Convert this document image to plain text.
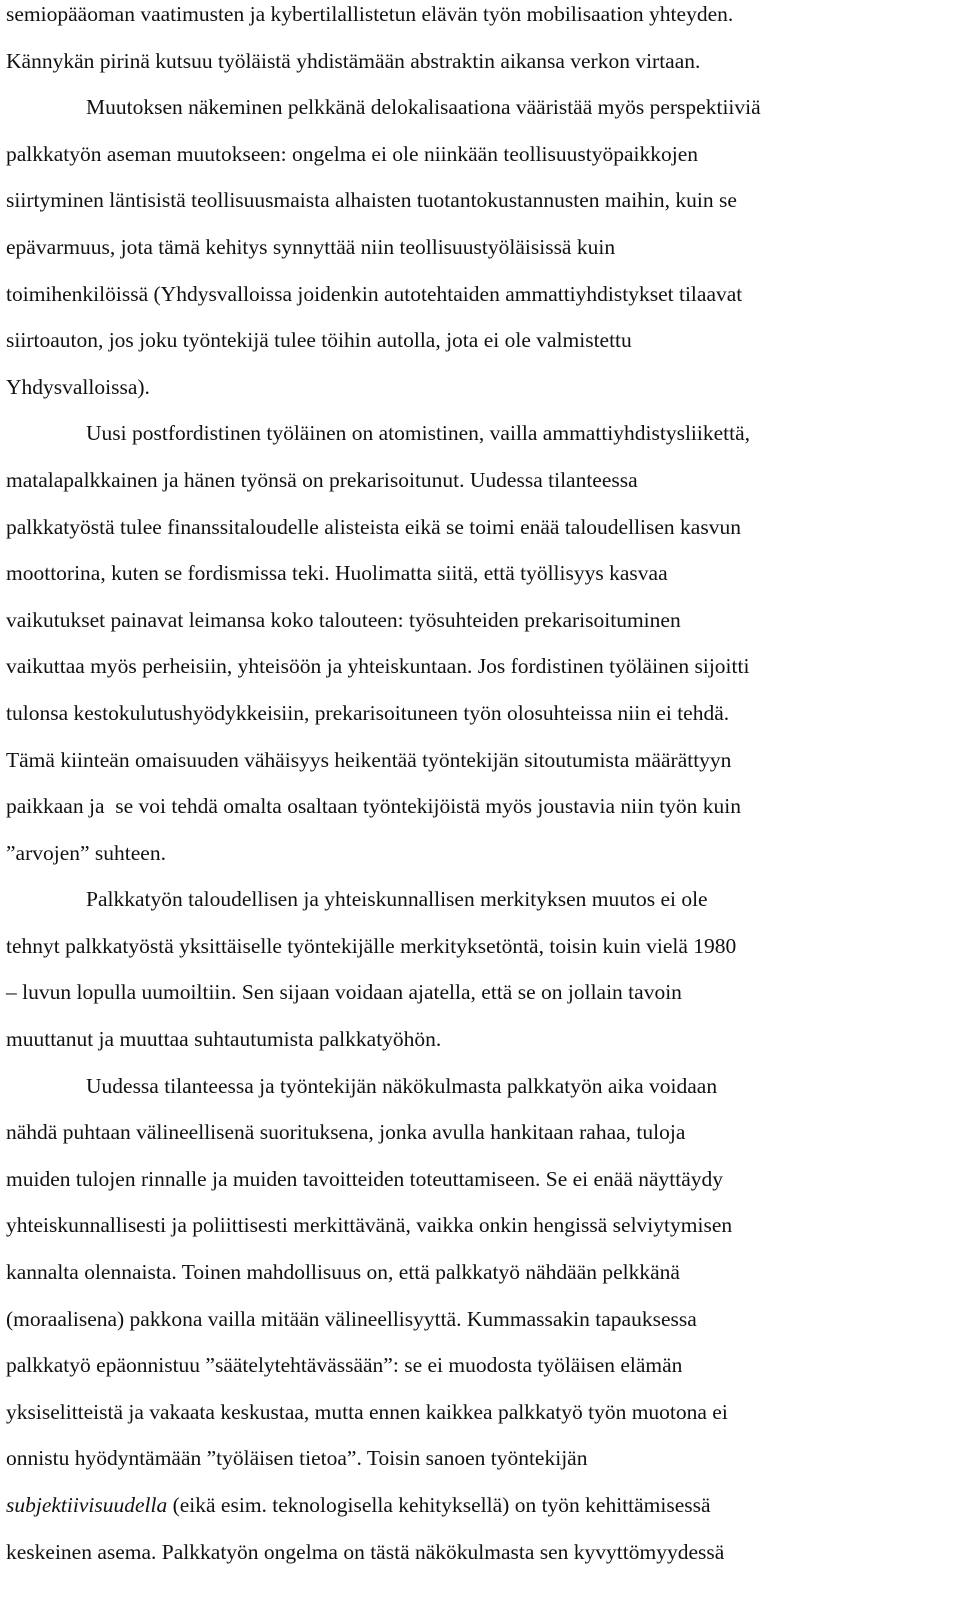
semiopääoman vaatimusten ja kybertilallistetun elävän työn mobilisaation yhteyden.
Kännykän pirinä kutsuu työläistä yhdistämään abstraktin aikansa verkon virtaan.
Muutoksen näkeminen pelkkänä delokalisaationa vääristää myös perspektiiviä
palkkatyön aseman muutokseen: ongelma ei ole niinkään teollisuustyöpaikkojen
siirtyminen läntisistä teollisuusmaista alhaisten tuotantokustannusten maihin, kuin se
epävarmuus, jota tämä kehitys synnyttää niin teollisuustyöläisissä kuin
toimihenkilöissä (Yhdysvalloissa joidenkin autotehtaiden ammattiyhdistykset tilaavat
siirtoauton, jos joku työntekijä tulee töihin autolla, jota ei ole valmistettu
Yhdysvalloissa).
Uusi postfordistinen työläinen on atomistinen, vailla ammattiyhdistysliikettä,
matalapalkkainen ja hänen työnsä on prekarisoitunut. Uudessa tilanteessa
palkkatyöstä tulee finanssitaloudelle alisteista eikä se toimi enää taloudellisen kasvun
moottorina, kuten se fordismissa teki. Huolimatta siitä, että työllisyys kasvaa
vaikutukset painavat leimansa koko talouteen: työsuhteiden prekarisoituminen
vaikuttaa myös perheisiin, yhteisöön ja yhteiskuntaan. Jos fordistinen työläinen sijoitti
tulonsa kestokulutushyödykkeisiin, prekarisoituneen työn olosuhteissa niin ei tehdä.
Tämä kiinteän omaisuuden vähäisyys heikentää työntekijän sitoutumista määrättyyn
paikkaan ja  se voi tehdä omalta osaltaan työntekijöistä myös joustavia niin työn kuin
”arvojen” suhteen.
Palkkatyön taloudellisen ja yhteiskunnallisen merkityksen muutos ei ole
tehnyt palkkatyöstä yksittäiselle työntekijälle merkityksetöntä, toisin kuin vielä 1980
– luvun lopulla uumoiltiin. Sen sijaan voidaan ajatella, että se on jollain tavoin
muuttanut ja muuttaa suhtautumista palkkatyöhön.
Uudessa tilanteessa ja työntekijän näkökulmasta palkkatyön aika voidaan
nähdä puhtaan välineellisenä suorituksena, jonka avulla hankitaan rahaa, tuloja
muiden tulojen rinnalle ja muiden tavoitteiden toteuttamiseen. Se ei enää näyttäydy
yhteiskunnallisesti ja poliittisesti merkittävänä, vaikka onkin hengissä selviytymisen
kannalta olennaista. Toinen mahdollisuus on, että palkkatyö nähdään pelkkänä
(moraalisena) pakkona vailla mitään välineellisyyttä. Kummassakin tapauksessa
palkkatyö epäonnistuu ”säätelytehtävässään”: se ei muodosta työläisen elämän
yksiselitteistä ja vakaata keskustaa, mutta ennen kaikkea palkkatyö työn muotona ei
onnistu hyödyntämään ”työläisen tietoa”. Toisin sanoen työntekijän
subjektiivisuudella (eikä esim. teknologisella kehityksellä) on työn kehittämisessä
keskeinen asema. Palkkatyön ongelma on tästä näkökulmasta sen kyvyttömyydessä
